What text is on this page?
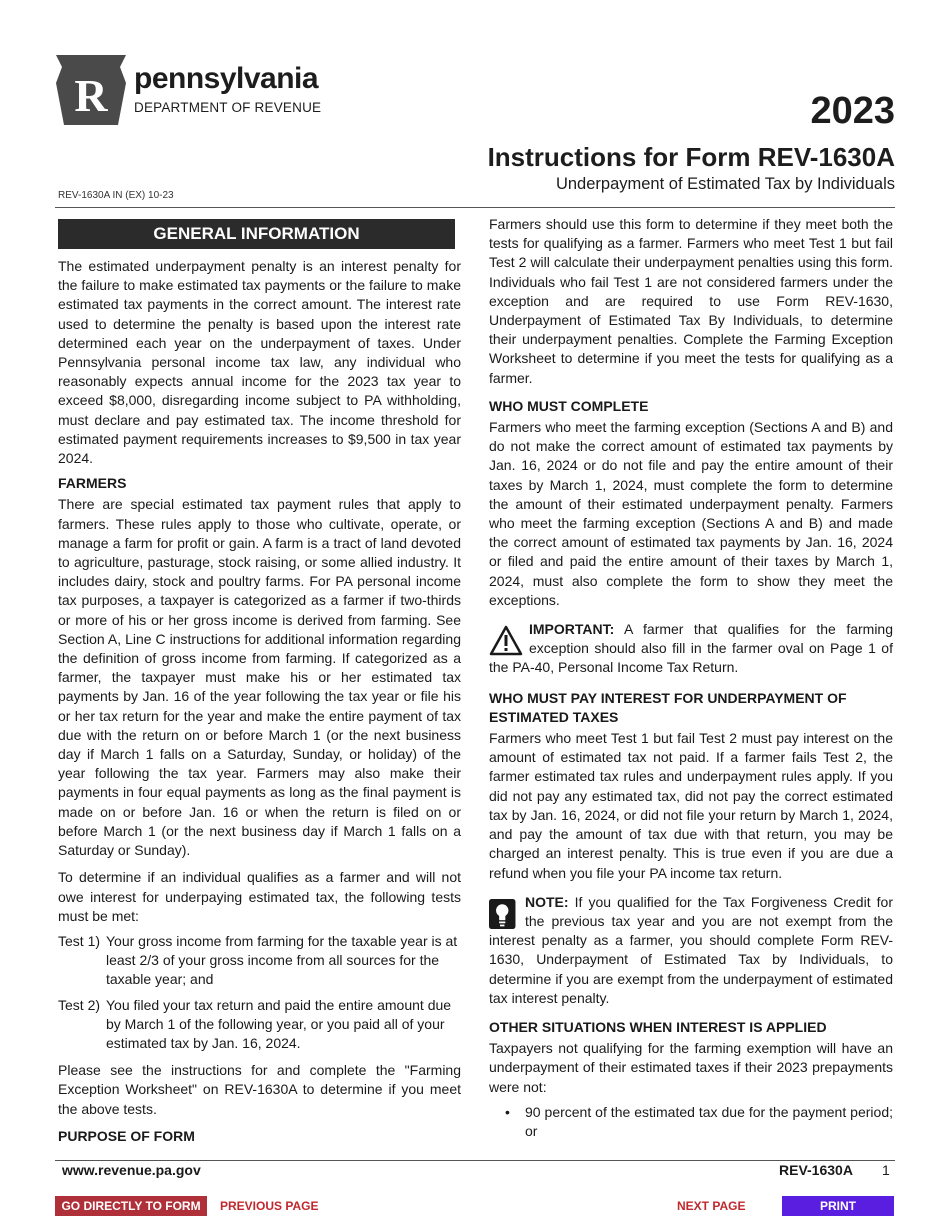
R pennsylvania
DEPARTMENT OF REVENUE	2023
Instructions for Form REV-1630A
Underpayment of Estimated Tax by Individuals
REV-1630A IN (EX) 10-23
GENERAL INFORMATION

The estimated underpayment penalty is an interest penalty for the failure to make estimated tax payments or the failure to make estimated tax payments in the correct amount. The interest rate used to determine the penalty is based upon the interest rate determined each year on the underpayment of taxes. Under Pennsylvania personal income tax law, any individual who reasonably expects annual income for the 2023 tax year to exceed $8,000, disregarding income subject to PA withholding, must declare and pay estimated tax. The income threshold for estimated payment requirements increases to $9,500 in tax year 2024.

FARMERS

There are special estimated tax payment rules that apply to farmers. These rules apply to those who cultivate, operate, or manage a farm for profit or gain. A farm is a tract of land devoted to agriculture, pasturage, stock raising, or some allied industry. It includes dairy, stock and poultry farms. For PA personal income tax purposes, a taxpayer is categorized as a farmer if two-thirds or more of his or her gross income is derived from farming. See Section A, Line C instructions for additional information regarding the definition of gross income from farming. If categorized as a farmer, the taxpayer must make his or her estimated tax payments by Jan. 16 of the year following the tax year or file his or her tax return for the year and make the entire payment of tax due with the return on or before March 1 (or the next business day if March 1 falls on a Saturday, Sunday, or holiday) of the year following the tax year. Farmers may also make their payments in four equal payments as long as the final payment is made on or before Jan. 16 or when the return is filed on or before March 1 (or the next business day if March 1 falls on a Saturday or Sunday).

To determine if an individual qualifies as a farmer and will not owe interest for underpaying estimated tax, the following tests must be met:

Test 1) Your gross income from farming for the taxable year is at least 2/3 of your gross income from all sources for the taxable year; and
Test 2) You filed your tax return and paid the entire amount due by March 1 of the following year, or you paid all of your estimated tax by Jan. 16, 2024.

Please see the instructions for and complete the "Farming Exception Worksheet" on REV-1630A to determine if you meet the above tests.

PURPOSE OF FORM

Farmers should use this form to determine if they meet both the tests for qualifying as a farmer. Farmers who meet Test 1 but fail Test 2 will calculate their underpayment penalties using this form. Individuals who fail Test 1 are not considered farmers under the exception and are required to use Form REV-1630, Underpayment of Estimated Tax By Individuals, to determine their underpayment penalties. Complete the Farming Exception Worksheet to determine if you meet the tests for qualifying as a farmer.

WHO MUST COMPLETE

Farmers who meet the farming exception (Sections A and B) and do not make the correct amount of estimated tax payments by Jan. 16, 2024 or do not file and pay the entire amount of their taxes by March 1, 2024, must complete the form to determine the amount of their estimated underpayment penalty. Farmers who meet the farming exception (Sections A and B) and made the correct amount of estimated tax payments by Jan. 16, 2024 or filed and paid the entire amount of their taxes by March 1, 2024, must also complete the form to show they meet the exceptions.

IMPORTANT: A farmer that qualifies for the farming exception should also fill in the farmer oval on Page 1 of the PA-40, Personal Income Tax Return.

WHO MUST PAY INTEREST FOR UNDERPAYMENT OF ESTIMATED TAXES

Farmers who meet Test 1 but fail Test 2 must pay interest on the amount of estimated tax not paid. If a farmer fails Test 2, the farmer estimated tax rules and underpayment rules apply. If you did not pay any estimated tax, did not pay the correct estimated tax by Jan. 16, 2024, or did not file your return by March 1, 2024, and pay the amount of tax due with that return, you may be charged an interest penalty. This is true even if you are due a refund when you file your PA income tax return.

NOTE: If you qualified for the Tax Forgiveness Credit for the previous tax year and you are not exempt from the interest penalty as a farmer, you should complete Form REV-1630, Underpayment of Estimated Tax by Individuals, to determine if you are exempt from the underpayment of estimated tax interest penalty.

OTHER SITUATIONS WHEN INTEREST IS APPLIED

Taxpayers not qualifying for the farming exemption will have an underpayment of their estimated taxes if their 2023 prepayments were not:

•	90 percent of the estimated tax due for the payment period; or
www.revenue.pa.gov	REV-1630A 1
GO DIRECTLY TO FORM	PREVIOUS PAGE	NEXT PAGE	PRINT
